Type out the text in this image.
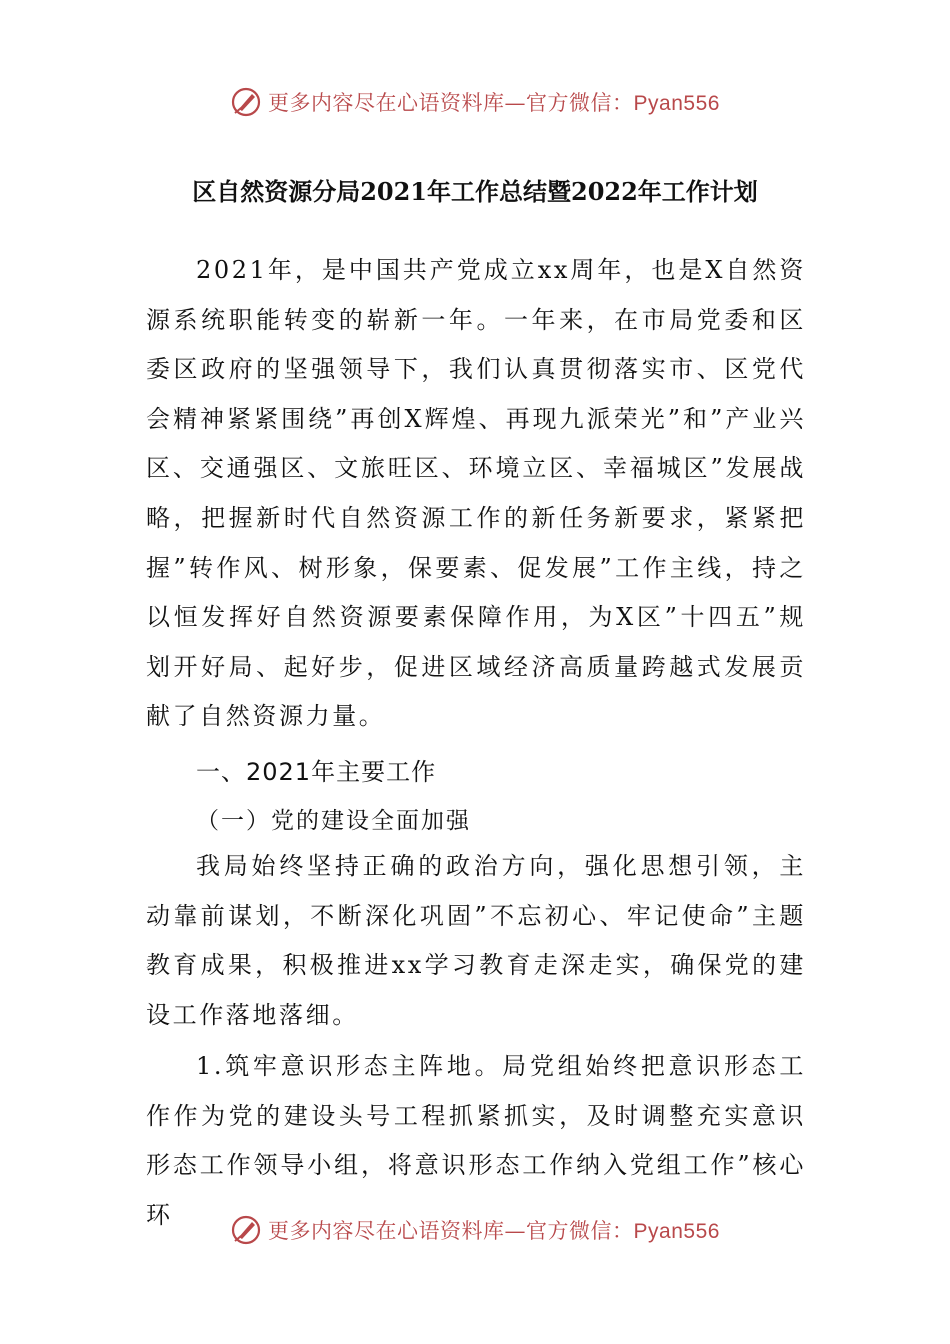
更多内容尽在心语资料库—官方微信：Pyan556
区自然资源分局2021年工作总结暨2022年工作计划

2021年，是中国共产党成立xx周年，也是X自然资源系统职能转变的崭新一年。一年来，在市局党委和区委区政府的坚强领导下，我们认真贯彻落实市、区党代会精神紧紧围绕”再创X辉煌、再现九派荣光”和”产业兴区、交通强区、文旅旺区、环境立区、幸福城区”发展战略，把握新时代自然资源工作的新任务新要求，紧紧把握”转作风、树形象，保要素、促发展”工作主线，持之以恒发挥好自然资源要素保障作用，为X区”十四五”规划开好局、起好步，促进区域经济高质量跨越式发展贡献了自然资源力量。

一、2021年主要工作
（一）党的建设全面加强

我局始终坚持正确的政治方向，强化思想引领，主动靠前谋划，不断深化巩固”不忘初心、牢记使命”主题教育成果，积极推进xx学习教育走深走实，确保党的建设工作落地落细。

1.筑牢意识形态主阵地。局党组始终把意识形态工作作为党的建设头号工程抓紧抓实，及时调整充实意识形态工作领导小组，将意识形态工作纳入党组工作”核心环

更多内容尽在心语资料库—官方微信：Pyan556
